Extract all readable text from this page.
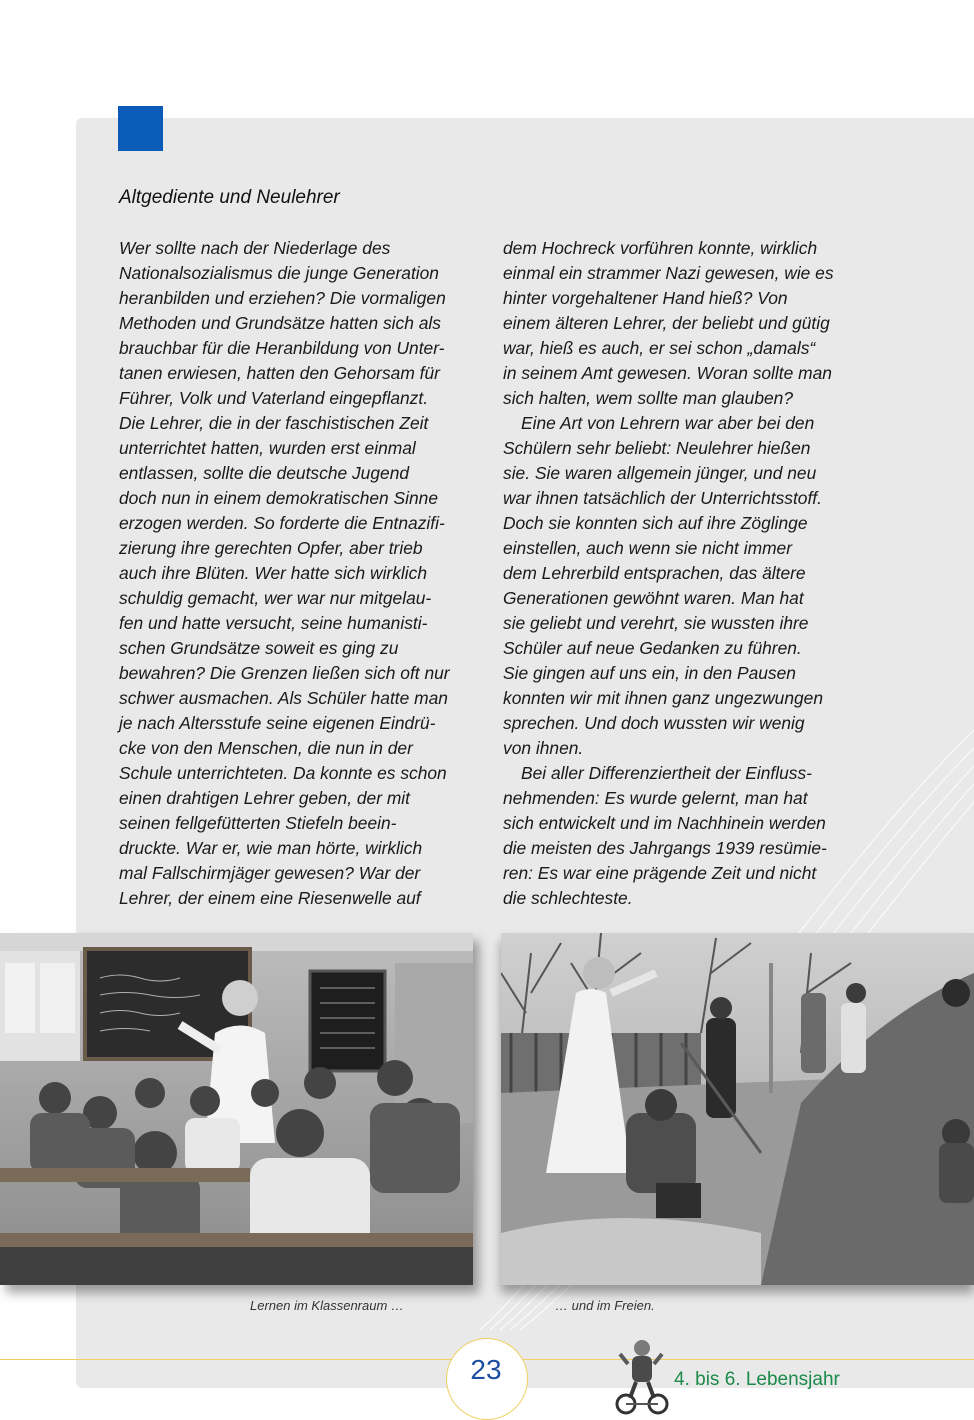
Altgediente und Neulehrer

Wer sollte nach der Niederlage des

Nationalsozialismus die junge Generation

heranbilden und erziehen? Die vormaligen

Methoden und Grundsätze hatten sich als

brauchbar für die Heranbildung von Unter-

tanen erwiesen, hatten den Gehorsam für

Führer, Volk und Vaterland eingepflanzt.

Die Lehrer, die in der faschistischen Zeit

unterrichtet hatten, wurden erst einmal

entlassen, sollte die deutsche Jugend

doch nun in einem demokratischen Sinne

erzogen werden. So forderte die Entnazifi-

zierung ihre gerechten Opfer, aber trieb

auch ihre Blüten. Wer hatte sich wirklich

schuldig gemacht, wer war nur mitgelau-

fen und hatte versucht, seine humanisti-

schen Grundsätze soweit es ging zu

bewahren? Die Grenzen ließen sich oft nur

schwer ausmachen. Als Schüler hatte man

je nach Altersstufe seine eigenen Eindrü-

cke von den Menschen, die nun in der

Schule unterrichteten. Da konnte es schon

einen drahtigen Lehrer geben, der mit

seinen fellgefütterten Stiefeln beein-

druckte. War er, wie man hörte, wirklich

mal Fallschirmjäger gewesen? War der

Lehrer, der einem eine Riesenwelle auf

dem Hochreck vorführen konnte, wirklich

einmal ein strammer Nazi gewesen, wie es

hinter vorgehaltener Hand hieß? Von

einem älteren Lehrer, der beliebt und gütig

war, hieß es auch, er sei schon „damals“

in seinem Amt gewesen. Woran sollte man

sich halten, wem sollte man glauben?

Eine Art von Lehrern war aber bei den

Schülern sehr beliebt: Neulehrer hießen

sie. Sie waren allgemein jünger, und neu

war ihnen tatsächlich der Unterrichtsstoff.

Doch sie konnten sich auf ihre Zöglinge

einstellen, auch wenn sie nicht immer

dem Lehrerbild entsprachen, das ältere

Generationen gewöhnt waren. Man hat

sie geliebt und verehrt, sie wussten ihre

Schüler auf neue Gedanken zu führen.

Sie gingen auf uns ein, in den Pausen

konnten wir mit ihnen ganz ungezwungen

sprechen. Und doch wussten wir wenig

von ihnen.

Bei aller Differenziertheit der Einfluss-

nehmenden: Es wurde gelernt, man hat

sich entwickelt und im Nachhinein werden

die meisten des Jahrgangs 1939 resümie-

ren: Es war eine prägende Zeit und nicht

die schlechteste.

Lernen im Klassenraum …	… und im Freien.
23	4. bis 6. Lebensjahr
